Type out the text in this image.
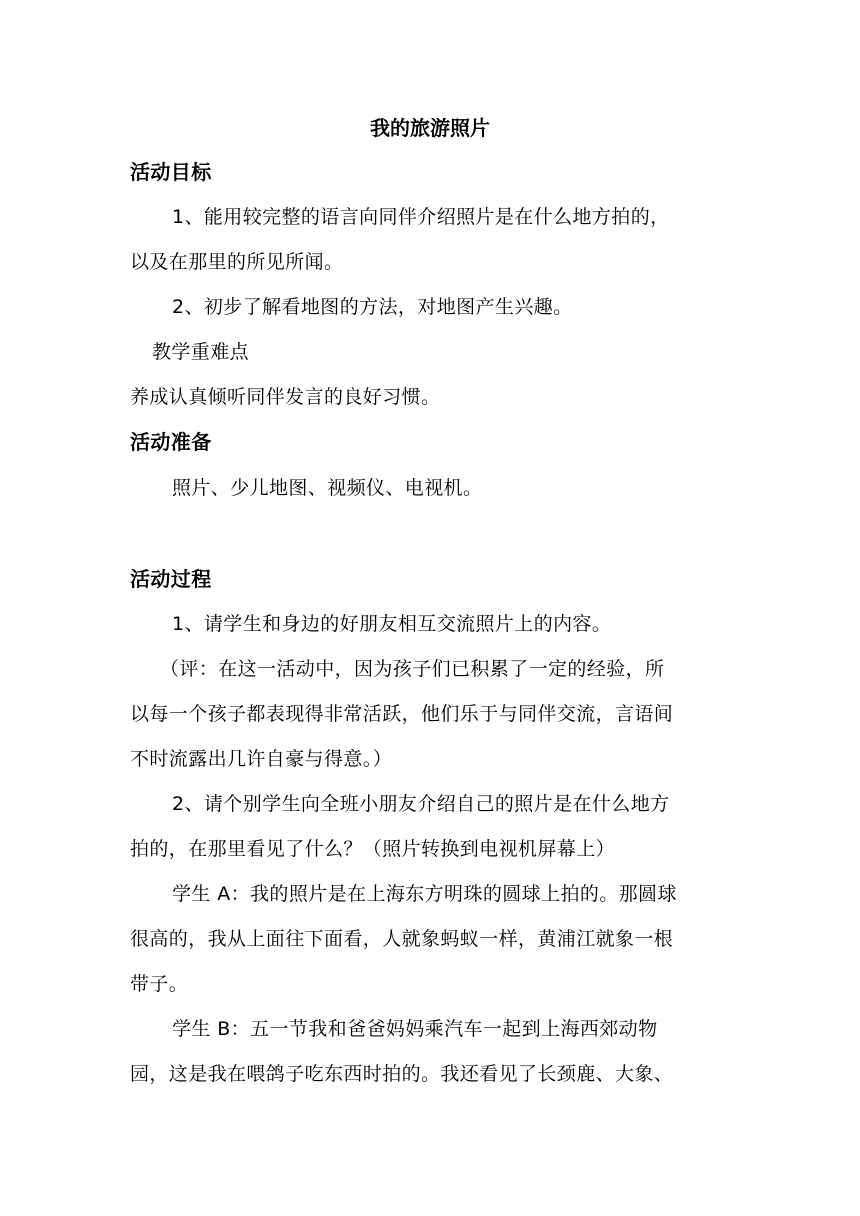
我的旅游照片
活动目标
1、能用较完整的语言向同伴介绍照片是在什么地方拍的，
以及在那里的所见所闻。
2、初步了解看地图的方法，对地图产生兴趣。
教学重难点
养成认真倾听同伴发言的良好习惯。
活动准备
照片、少儿地图、视频仪、电视机。
活动过程
1、请学生和身边的好朋友相互交流照片上的内容。
（评：在这一活动中，因为孩子们已积累了一定的经验，所
以每一个孩子都表现得非常活跃，他们乐于与同伴交流，言语间
不时流露出几许自豪与得意。）
2、请个别学生向全班小朋友介绍自己的照片是在什么地方
拍的，在那里看见了什么？（照片转换到电视机屏幕上）
学生 A：我的照片是在上海东方明珠的圆球上拍的。那圆球
很高的，我从上面往下面看，人就象蚂蚁一样，黄浦江就象一根
带子。
学生 B：五一节我和爸爸妈妈乘汽车一起到上海西郊动物
园，这是我在喂鸽子吃东西时拍的。我还看见了长颈鹿、大象、
